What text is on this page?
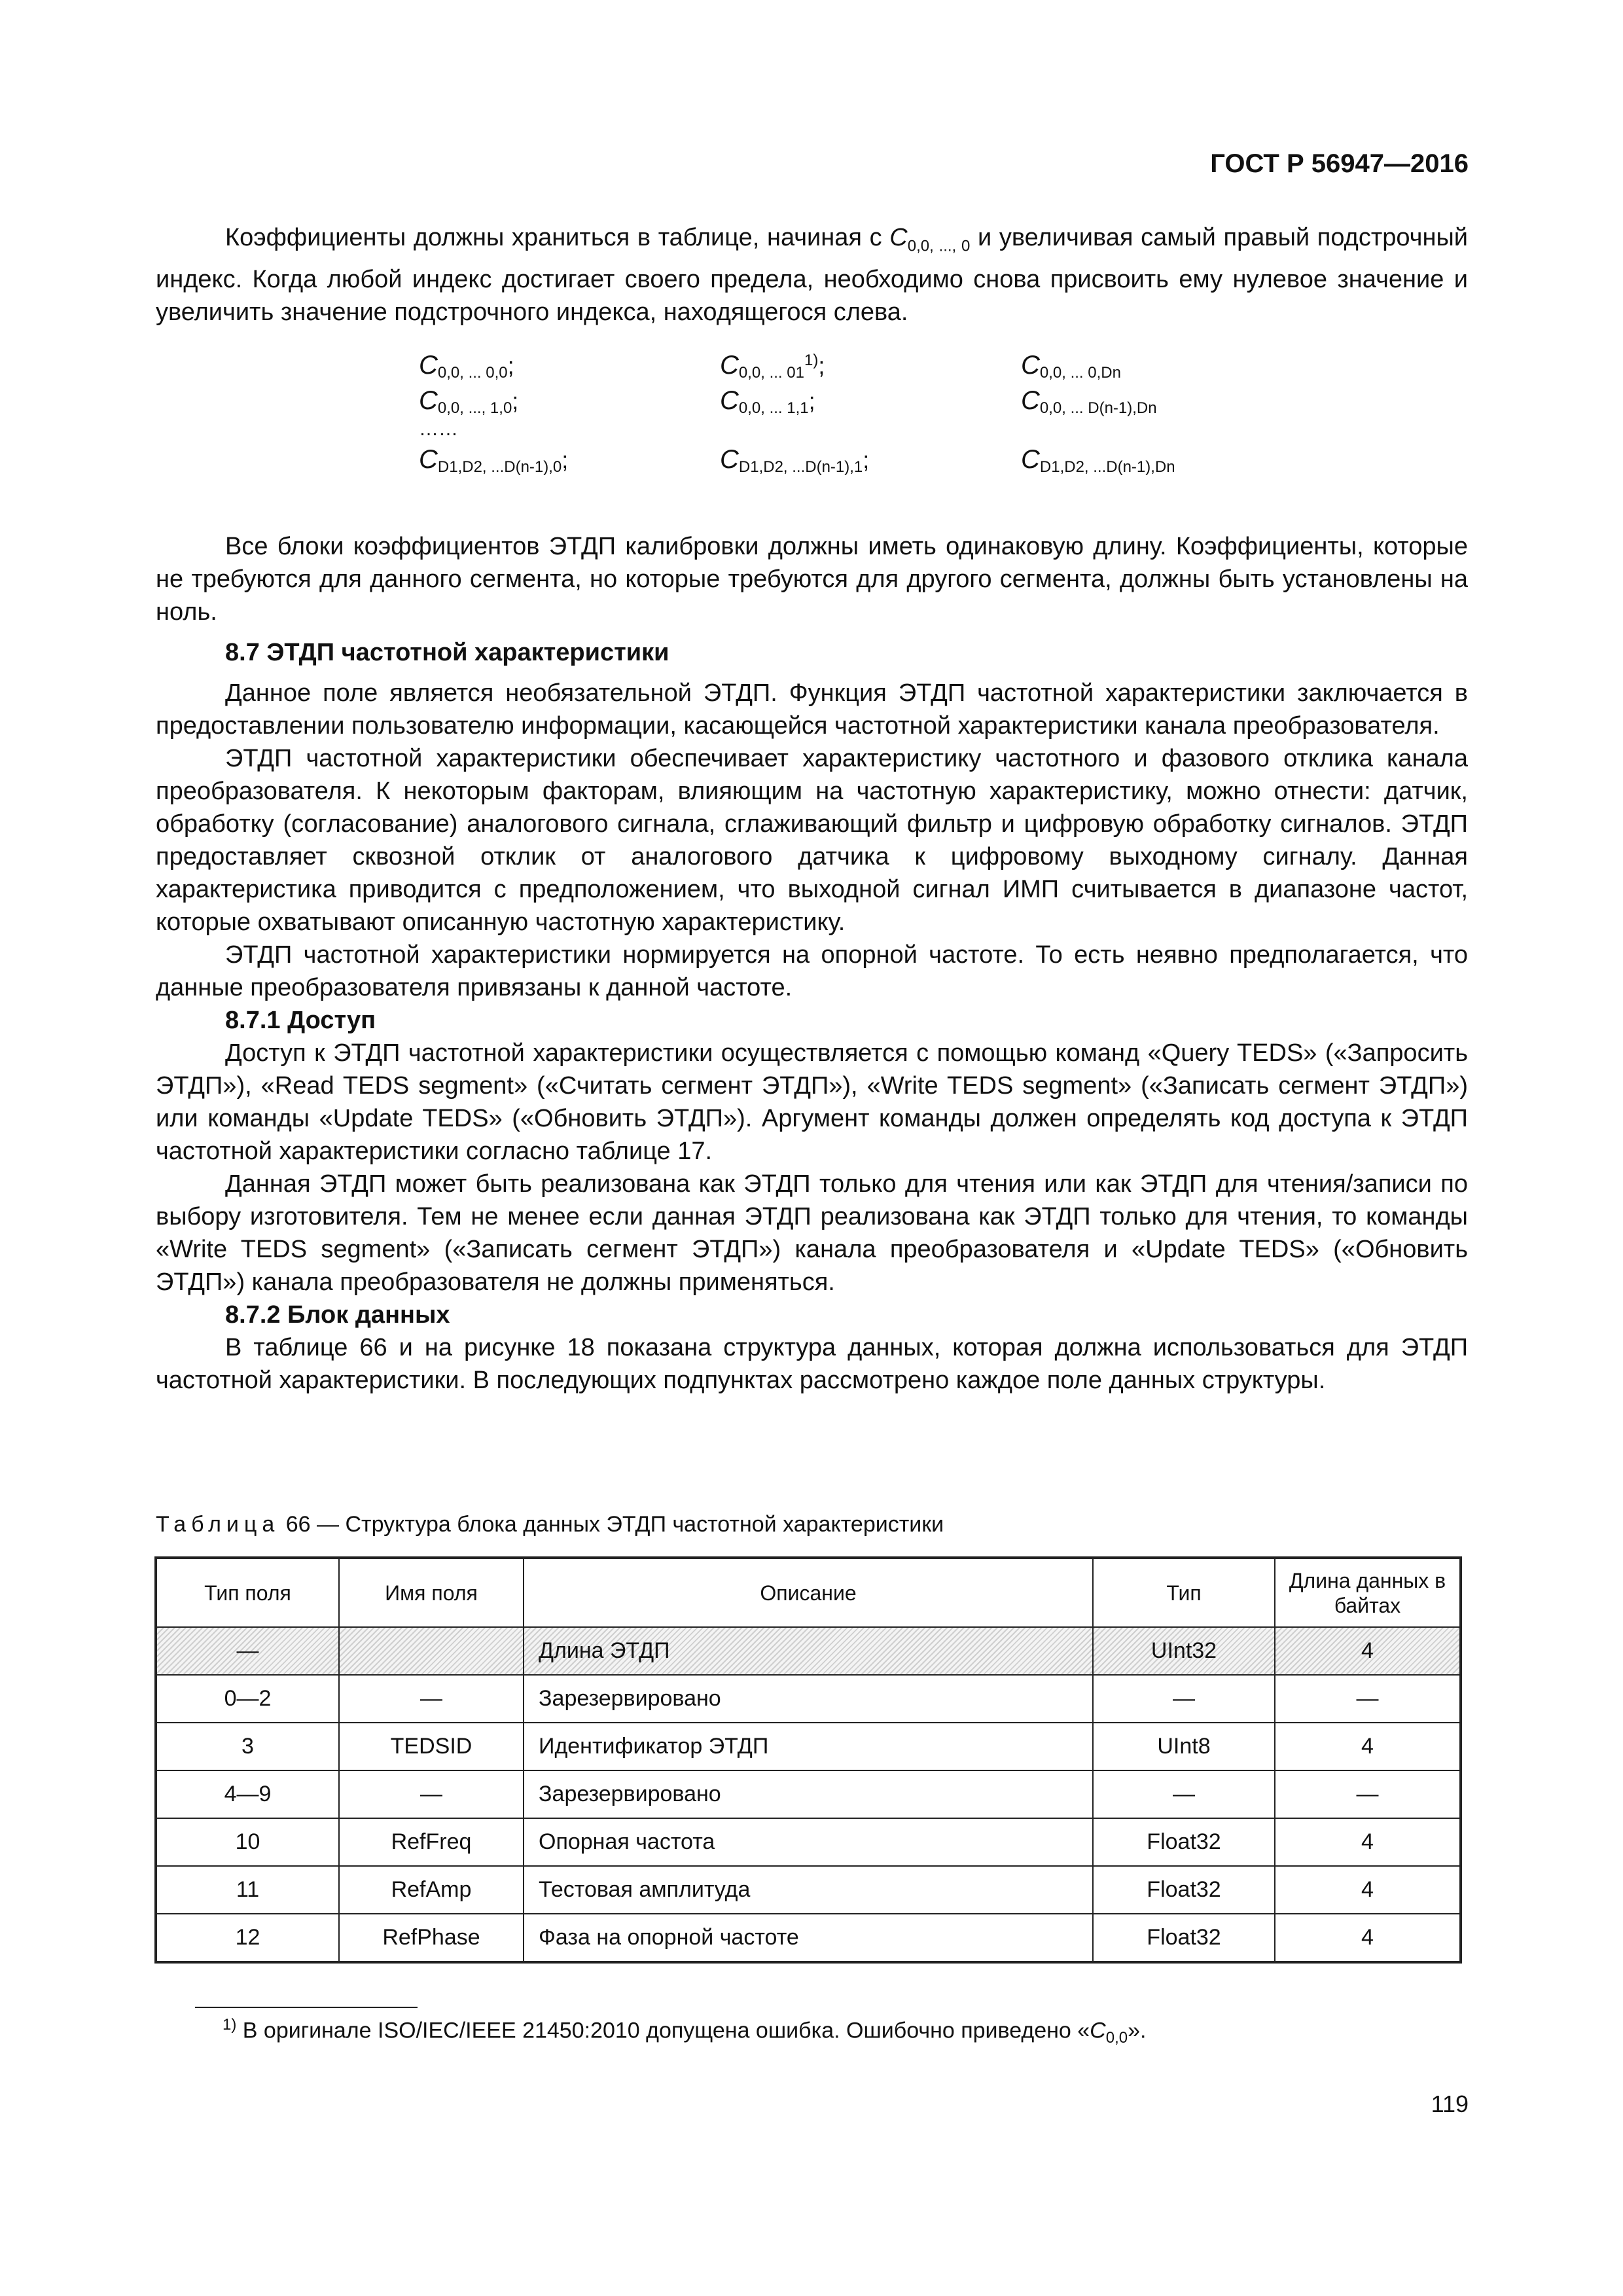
ГОСТ Р 56947—2016

Коэффициенты должны храниться в таблице, начиная с $C_{0,0, ..., 0}$ и увеличивая самый правый подстрочный индекс. Когда любой индекс достигает своего предела, необходимо снова присвоить ему нулевое значение и увеличить значение подстрочного индекса, находящегося слева.

$C_{0,0, ... 0,0}$;	$C_{0,0, ... 01}^{1)}$;	$C_{0,0, ... 0,Dn}$
$C_{0,0, ..., 1,0}$;	$C_{0,0, ... 1,1}$;	$C_{0,0, ... D(n-1),Dn}$
……
$C_{D1,D2, ...D(n-1),0}$;	$C_{D1,D2, ...D(n-1),1}$;	$C_{D1,D2, ...D(n-1),Dn}$

Все блоки коэффициентов ЭТДП калибровки должны иметь одинаковую длину. Коэффициенты, которые не требуются для данного сегмента, но которые требуются для другого сегмента, должны быть установлены на ноль.

8.7 ЭТДП частотной характеристики

Данное поле является необязательной ЭТДП. Функция ЭТДП частотной характеристики заключается в предоставлении пользователю информации, касающейся частотной характеристики канала преобразователя.

ЭТДП частотной характеристики обеспечивает характеристику частотного и фазового отклика канала преобразователя. К некоторым факторам, влияющим на частотную характеристику, можно отнести: датчик, обработку (согласование) аналогового сигнала, сглаживающий фильтр и цифровую обработку сигналов. ЭТДП предоставляет сквозной отклик от аналогового датчика к цифровому выходному сигналу. Данная характеристика приводится с предположением, что выходной сигнал ИМП считывается в диапазоне частот, которые охватывают описанную частотную характеристику.

ЭТДП частотной характеристики нормируется на опорной частоте. То есть неявно предполагается, что данные преобразователя привязаны к данной частоте.

8.7.1 Доступ

Доступ к ЭТДП частотной характеристики осуществляется с помощью команд «Query TEDS» («Запросить ЭТДП»), «Read TEDS segment» («Считать сегмент ЭТДП»), «Write TEDS segment» («Записать сегмент ЭТДП») или команды «Update TEDS» («Обновить ЭТДП»). Аргумент команды должен определять код доступа к ЭТДП частотной характеристики согласно таблице 17.

Данная ЭТДП может быть реализована как ЭТДП только для чтения или как ЭТДП для чтения/записи по выбору изготовителя. Тем не менее если данная ЭТДП реализована как ЭТДП только для чтения, то команды «Write TEDS segment» («Записать сегмент ЭТДП») канала преобразователя и «Update TEDS» («Обновить ЭТДП») канала преобразователя не должны применяться.

8.7.2 Блок данных

В таблице 66 и на рисунке 18 показана структура данных, которая должна использоваться для ЭТДП частотной характеристики. В последующих подпунктах рассмотрено каждое поле данных структуры.

Таблица 66 — Структура блока данных ЭТДП частотной характеристики
Тип поля	Имя поля	Описание	Тип	Длина данных в байтах
—		Длина ЭТДП	UInt32	4
0—2	—	Зарезервировано	—	—
3	TEDSID	Идентификатор ЭТДП	UInt8	4
4—9	—	Зарезервировано	—	—
10	RefFreq	Опорная частота	Float32	4
11	RefAmp	Тестовая амплитуда	Float32	4
12	RefPhase	Фаза на опорной частоте	Float32	4
$^{1)}$ В оригинале ISO/IEC/IEEE 21450:2010 допущена ошибка. Ошибочно приведено «$C_{0,0}$».
119
